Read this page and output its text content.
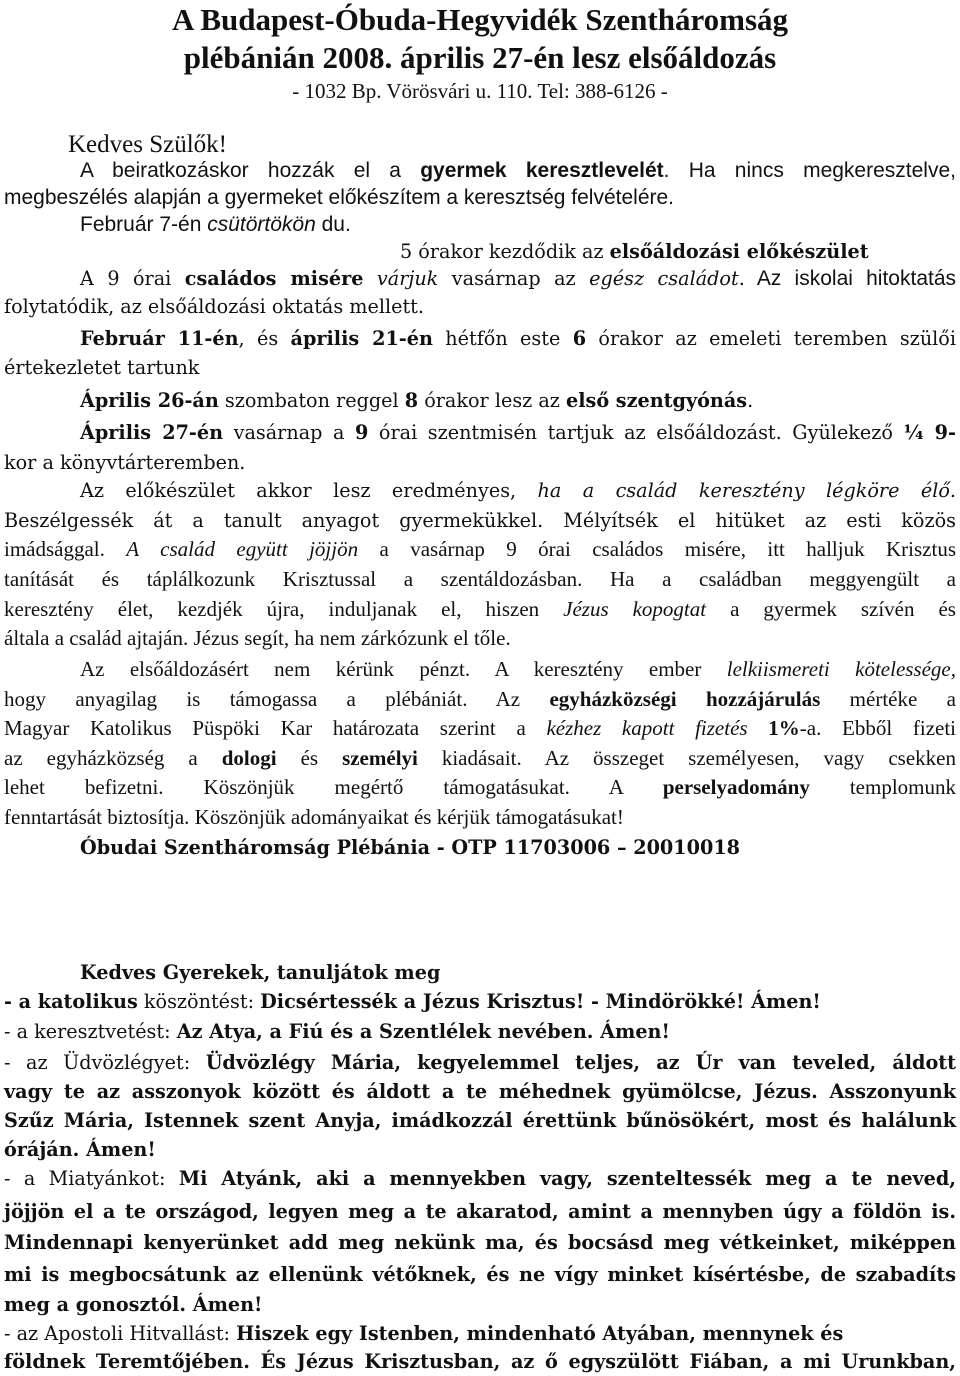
A Budapest-Óbuda-Hegyvidék Szentháromság
plébánián 2008. április 27-én lesz elsőáldozás
- 1032 Bp. Vörösvári u. 110. Tel: 388-6126 -
Kedves Szülők!
A beiratkozáskor hozzák el a gyermek keresztlevelét. Ha nincs megkeresztelve,
megbeszélés alapján a gyermeket előkészítem a keresztség felvételére.
Február 7-én csütörtökön du.
5 órakor kezdődik az elsőáldozási előkészület
A 9 órai családos misére várjuk vasárnap az egész családot. Az iskolai hitoktatás
folytatódik, az elsőáldozási oktatás mellett.
Február 11-én, és április 21-én hétfőn este 6 órakor az emeleti teremben szülői
értekezletet tartunk
Április 26-án szombaton reggel 8 órakor lesz az első szentgyónás.
Április 27-én vasárnap a 9 órai szentmisén tartjuk az elsőáldozást. Gyülekező ¼ 9-
kor a könyvtárteremben.
Az előkészület akkor lesz eredményes, ha a család keresztény légköre élő.
Beszélgessék át a tanult anyagot gyermekükkel. Mélyítsék el hitüket az esti közös
imádsággal. A család együtt jöjjön a vasárnap 9 órai családos misére, itt halljuk Krisztus
tanítását és táplálkozunk Krisztussal a szentáldozásban. Ha a családban meggyengült a
keresztény élet, kezdjék újra, induljanak el, hiszen Jézus kopogtat a gyermek szívén és
általa a család ajtaján. Jézus segít, ha nem zárkózunk el tőle.
Az elsőáldozásért nem kérünk pénzt. A keresztény ember lelkiismereti kötelessége,
hogy anyagilag is támogassa a plébániát. Az egyházközségi hozzájárulás mértéke a
Magyar Katolikus Püspöki Kar határozata szerint a kézhez kapott fizetés 1%-a. Ebből fizeti
az egyházközség a dologi és személyi kiadásait. Az összeget személyesen, vagy csekken
lehet befizetni. Köszönjük megértő támogatásukat. A perselyadomány templomunk
fenntartását biztosítja. Köszönjük adományaikat és kérjük támogatásukat!
Óbudai Szentháromság Plébánia - OTP 11703006 – 20010018
Kedves Gyerekek, tanuljátok meg
- a katolikus köszöntést: Dicsértessék a Jézus Krisztus! - Mindörökké! Ámen!
- a keresztvetést: Az Atya, a Fiú és a Szentlélek nevében. Ámen!
- az Üdvözlégyet: Üdvözlégy Mária, kegyelemmel teljes, az Úr van teveled, áldott
vagy te az asszonyok között és áldott a te méhednek gyümölcse, Jézus. Asszonyunk
Szűz Mária, Istennek szent Anyja, imádkozzál érettünk bűnösökért, most és halálunk
óráján. Ámen!
- a Miatyánkot: Mi Atyánk, aki a mennyekben vagy, szenteltessék meg a te neved,
jöjjön el a te országod, legyen meg a te akaratod, amint a mennyben úgy a földön is.
Mindennapi kenyerünket add meg nekünk ma, és bocsásd meg vétkeinket, miképpen
mi is megbocsátunk az ellenünk vétőknek, és ne vígy minket kísértésbe, de szabadíts
meg a gonosztól. Ámen!
- az Apostoli Hitvallást: Hiszek egy Istenben, mindenható Atyában, mennynek és
földnek Teremtőjében. És Jézus Krisztusban, az ő egyszülött Fiában, a mi Urunkban,
